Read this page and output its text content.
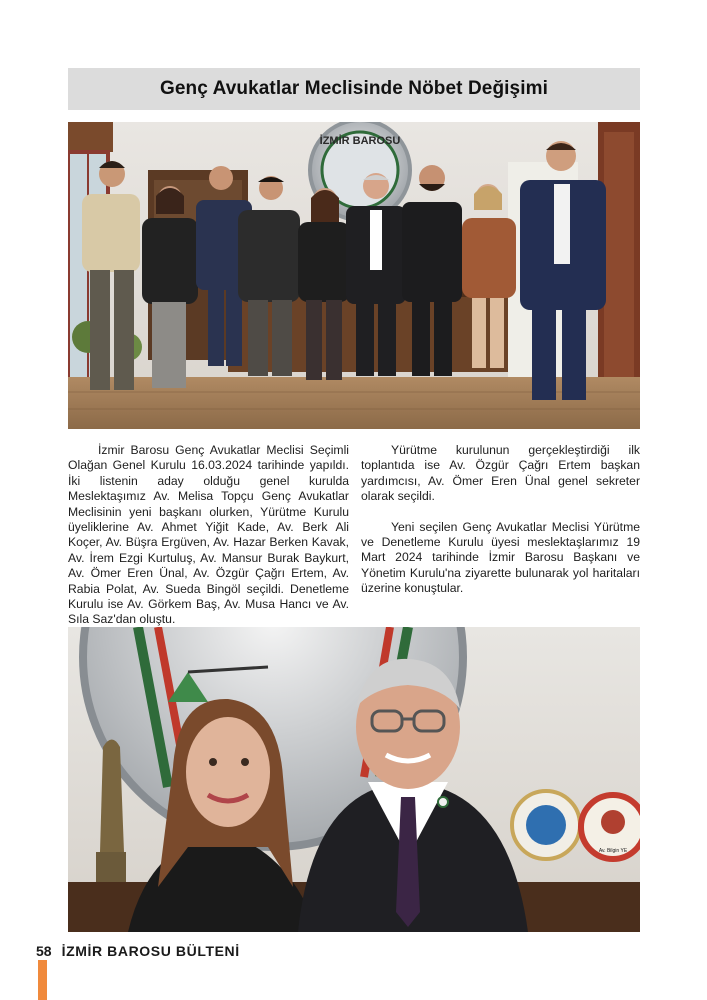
Genç Avukatlar Meclisinde Nöbet Değişimi
İZMİR BAROSU

İzmir Barosu Genç Avukatlar Meclisi Seçimli Olağan Genel Kurulu 16.03.2024 tarihinde yapıldı. İki listenin aday olduğu genel kurulda Meslektaşımız Av. Melisa Topçu Genç Avukatlar Meclisinin yeni başkanı olurken, Yürütme Kurulu üyeliklerine Av. Ahmet Yiğit Kade, Av. Berk Ali Koçer, Av. Büşra Ergüven, Av. Hazar Berken Kavak, Av. İrem Ezgi Kurtuluş, Av. Mansur Burak Baykurt, Av. Ömer Eren Ünal, Av. Özgür Çağrı Ertem, Av. Rabia Polat, Av. Sueda Bingöl seçildi. Denetleme Kurulu ise Av. Görkem Baş, Av. Musa Hancı ve Av. Sıla Saz'dan oluştu.

Yürütme kurulunun gerçekleştirdiği ilk toplantıda ise Av. Özgür Çağrı Ertem başkan yardımcısı, Av. Ömer Eren Ünal genel sekreter olarak seçildi.

Yeni seçilen Genç Avukatlar Meclisi Yürütme ve Denetleme Kurulu üyesi meslektaşlarımız 19 Mart 2024 tarihinde İzmir Barosu Başkanı ve Yönetim Kurulu'na ziyarette bulunarak yol haritaları üzerine konuştular.

Av. Bilgin YE
58 İZMİR BAROSU BÜLTENİ
